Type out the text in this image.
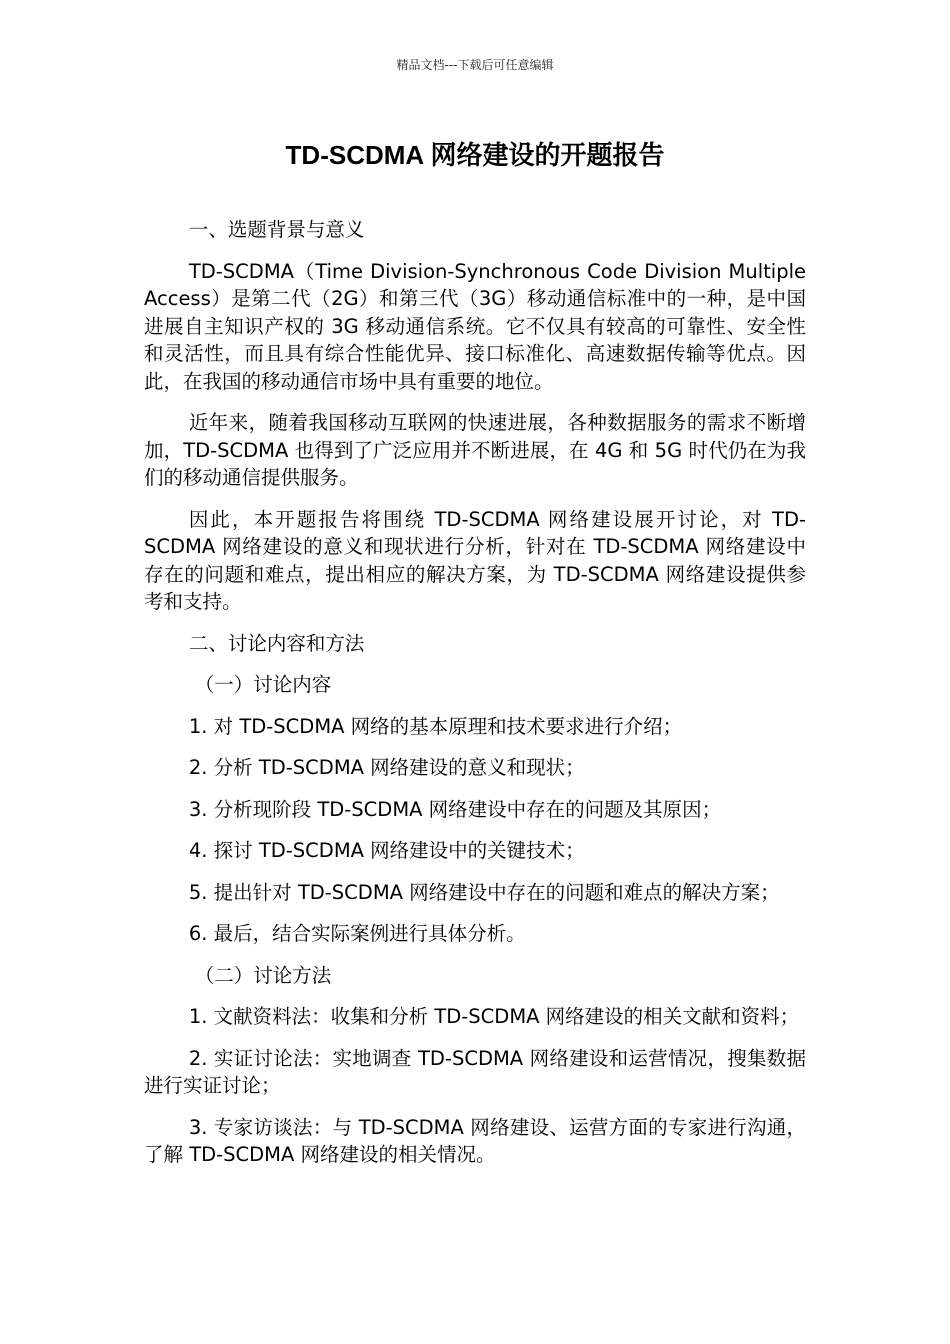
精品文档---下载后可任意编辑
TD-SCDMA 网络建设的开题报告

一、选题背景与意义

TD-SCDMA（Time Division-Synchronous Code Division Multiple Access）是第二代（2G）和第三代（3G）移动通信标准中的一种，是中国进展自主知识产权的 3G 移动通信系统。它不仅具有较高的可靠性、安全性和灵活性，而且具有综合性能优异、接口标准化、高速数据传输等优点。因此，在我国的移动通信市场中具有重要的地位。

近年来，随着我国移动互联网的快速进展，各种数据服务的需求不断增加，TD-SCDMA 也得到了广泛应用并不断进展，在 4G 和 5G 时代仍在为我们的移动通信提供服务。

因此，本开题报告将围绕 TD-SCDMA 网络建设展开讨论，对 TD-SCDMA 网络建设的意义和现状进行分析，针对在 TD-SCDMA 网络建设中存在的问题和难点，提出相应的解决方案，为 TD-SCDMA 网络建设提供参考和支持。

二、讨论内容和方法

（一）讨论内容

1. 对 TD-SCDMA 网络的基本原理和技术要求进行介绍；

2. 分析 TD-SCDMA 网络建设的意义和现状；

3. 分析现阶段 TD-SCDMA 网络建设中存在的问题及其原因；

4. 探讨 TD-SCDMA 网络建设中的关键技术；

5. 提出针对 TD-SCDMA 网络建设中存在的问题和难点的解决方案；

6. 最后，结合实际案例进行具体分析。

（二）讨论方法

1. 文献资料法：收集和分析 TD-SCDMA 网络建设的相关文献和资料；

2. 实证讨论法：实地调查 TD-SCDMA 网络建设和运营情况，搜集数据进行实证讨论；

3. 专家访谈法：与 TD-SCDMA 网络建设、运营方面的专家进行沟通，了解 TD-SCDMA 网络建设的相关情况。
